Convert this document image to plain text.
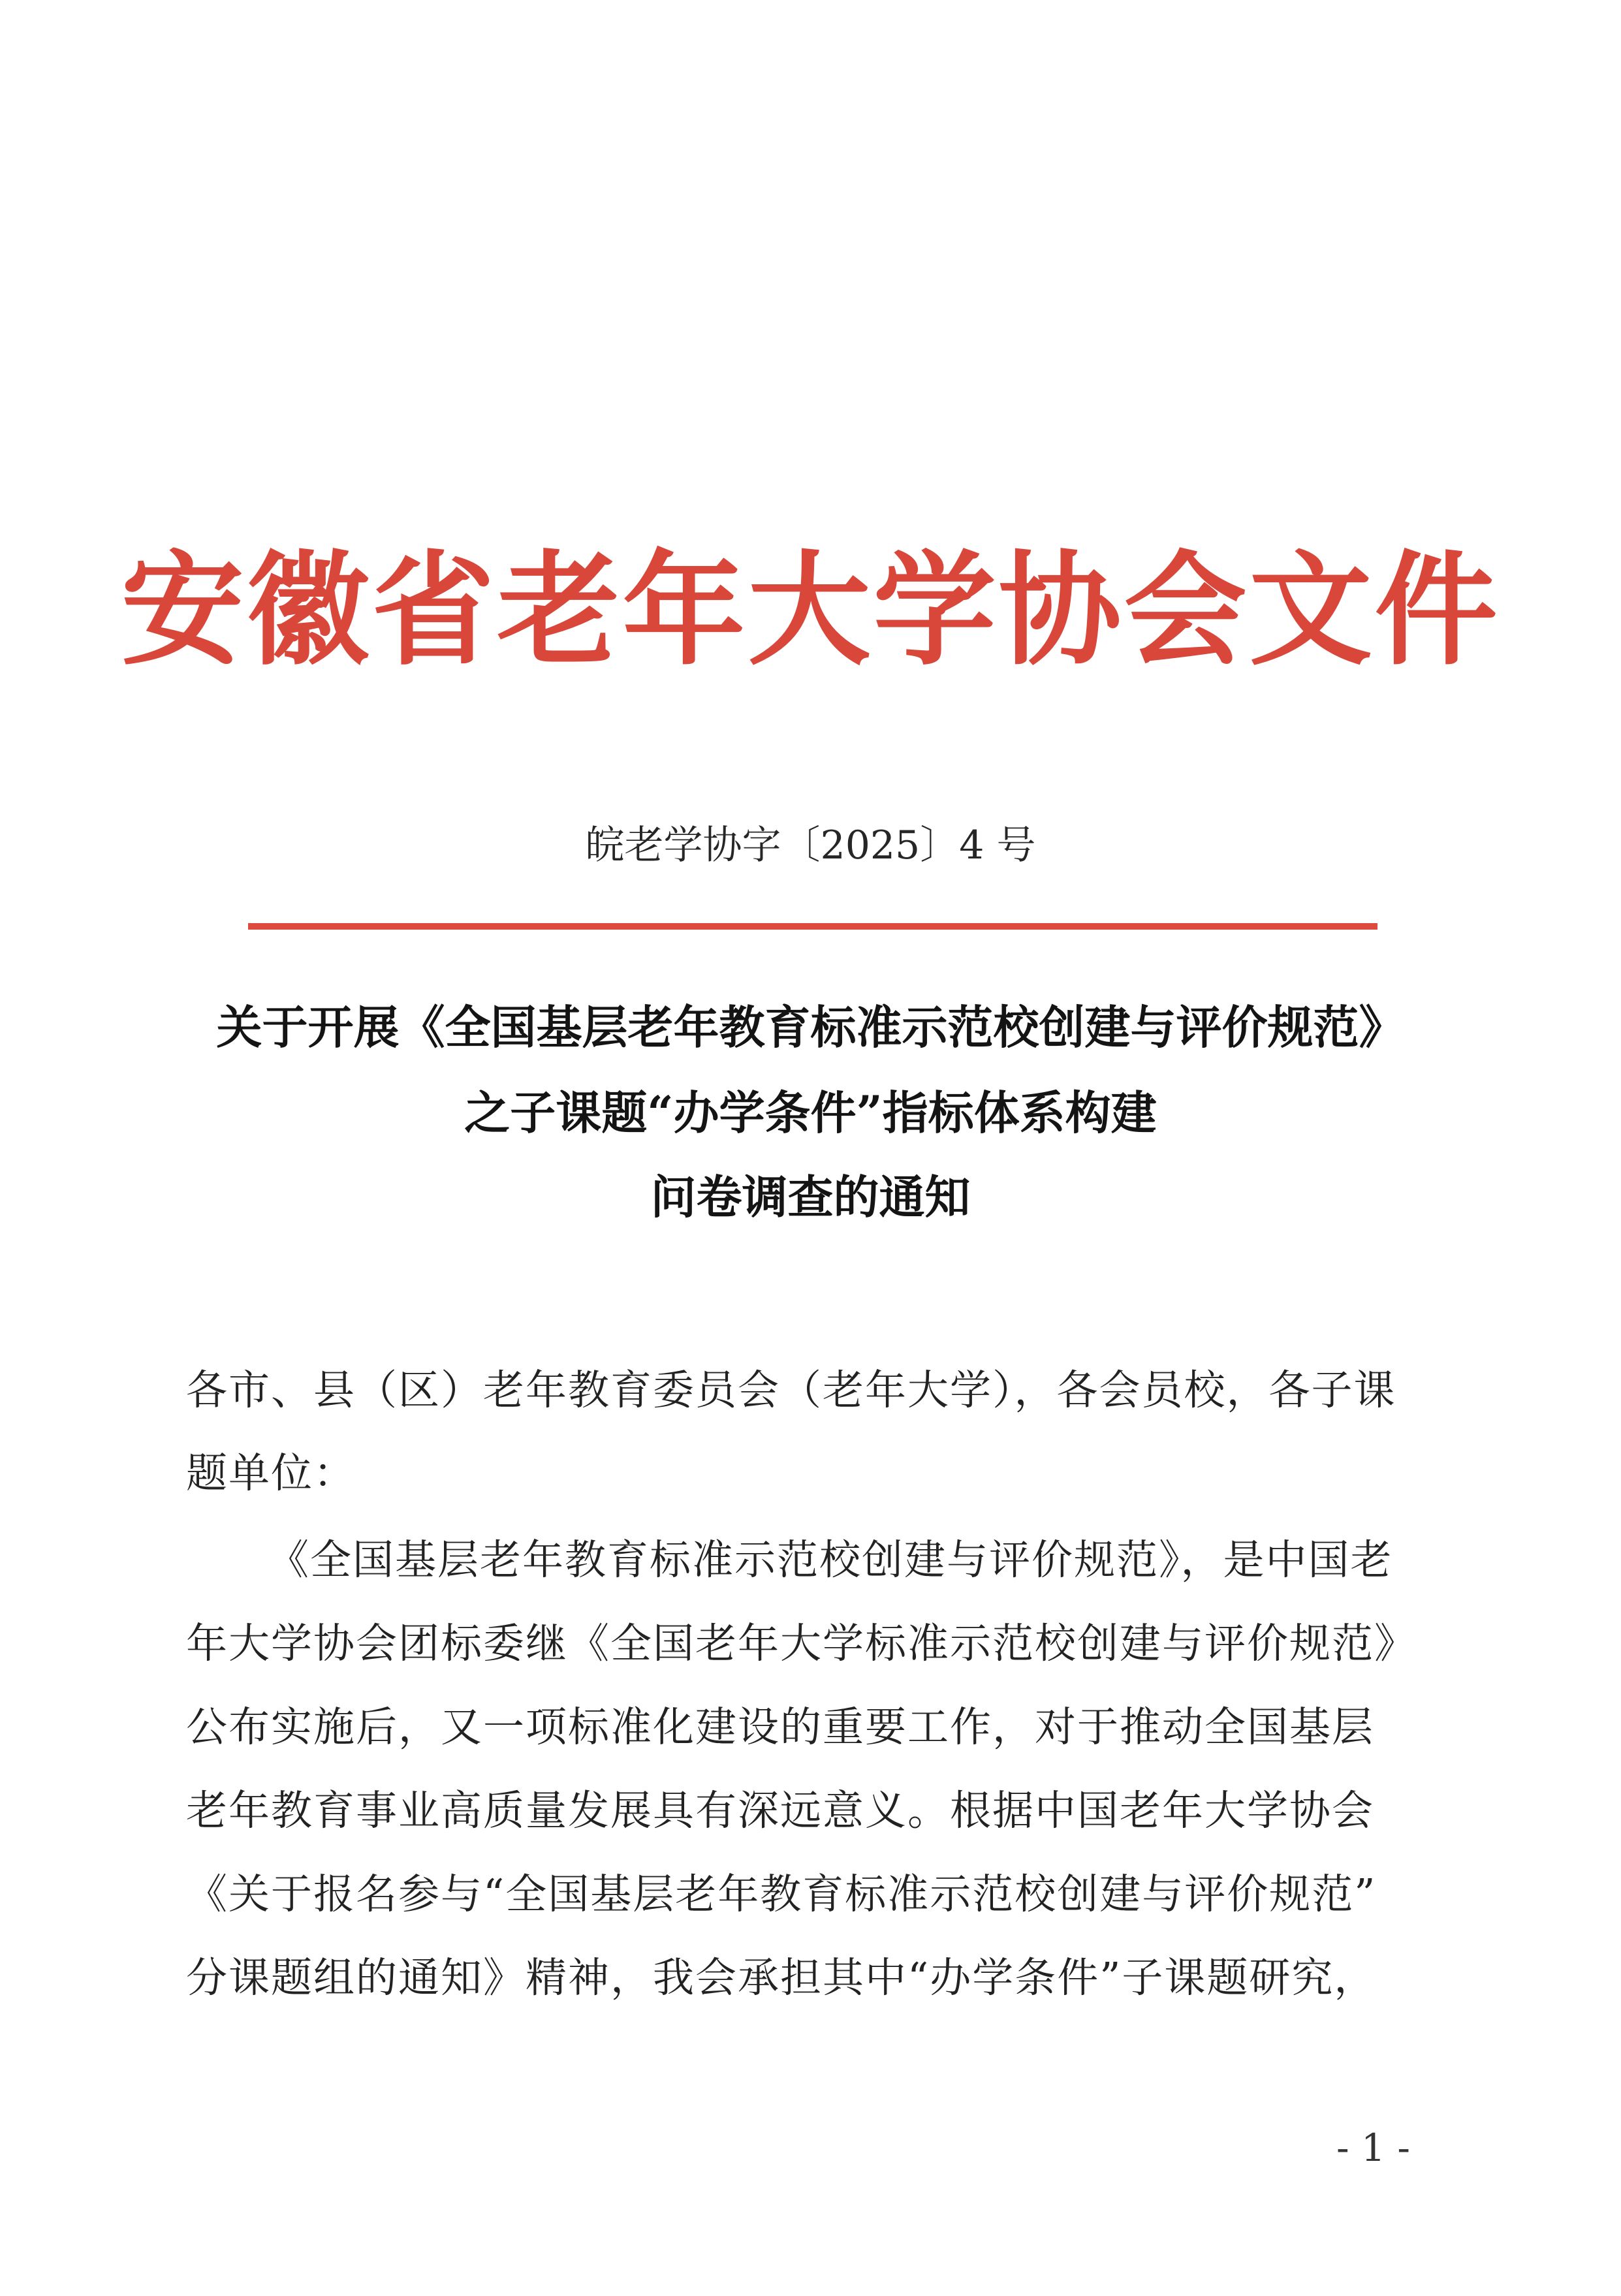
安徽省老年大学协会文件
皖老学协字〔2025〕4 号
关于开展《全国基层老年教育标准示范校创建与评价规范》
之子课题“办学条件”指标体系构建
问卷调查的通知
各市、县（区）老年教育委员会（老年大学），各会员校，各子课
题单位：
《全国基层老年教育标准示范校创建与评价规范》，是中国老
年大学协会团标委继《全国老年大学标准示范校创建与评价规范》
公布实施后，又一项标准化建设的重要工作，对于推动全国基层
老年教育事业高质量发展具有深远意义。根据中国老年大学协会
《关于报名参与“全国基层老年教育标准示范校创建与评价规范”
分课题组的通知》精神，我会承担其中“办学条件”子课题研究，
- 1 -
